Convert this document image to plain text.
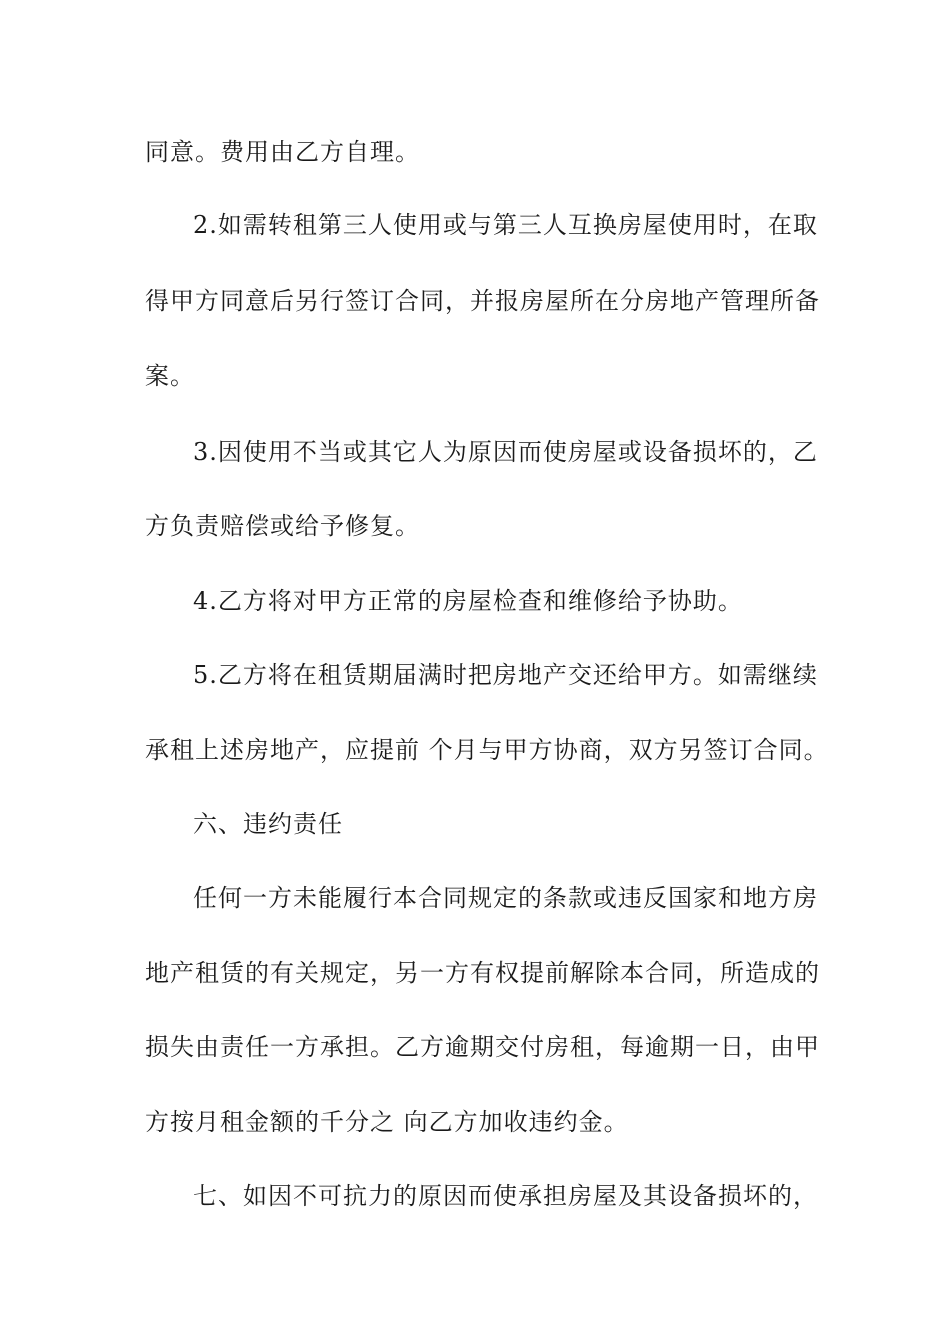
同意。费用由乙方自理。
2.如需转租第三人使用或与第三人互换房屋使用时，在取
得甲方同意后另行签订合同，并报房屋所在分房地产管理所备
案。
3.因使用不当或其它人为原因而使房屋或设备损坏的，乙
方负责赔偿或给予修复。
4.乙方将对甲方正常的房屋检查和维修给予协助。
5.乙方将在租赁期届满时把房地产交还给甲方。如需继续
承租上述房地产，应提前 个月与甲方协商，双方另签订合同。
六、违约责任
任何一方未能履行本合同规定的条款或违反国家和地方房
地产租赁的有关规定，另一方有权提前解除本合同，所造成的
损失由责任一方承担。乙方逾期交付房租，每逾期一日，由甲
方按月租金额的千分之 向乙方加收违约金。
七、如因不可抗力的原因而使承担房屋及其设备损坏的，
